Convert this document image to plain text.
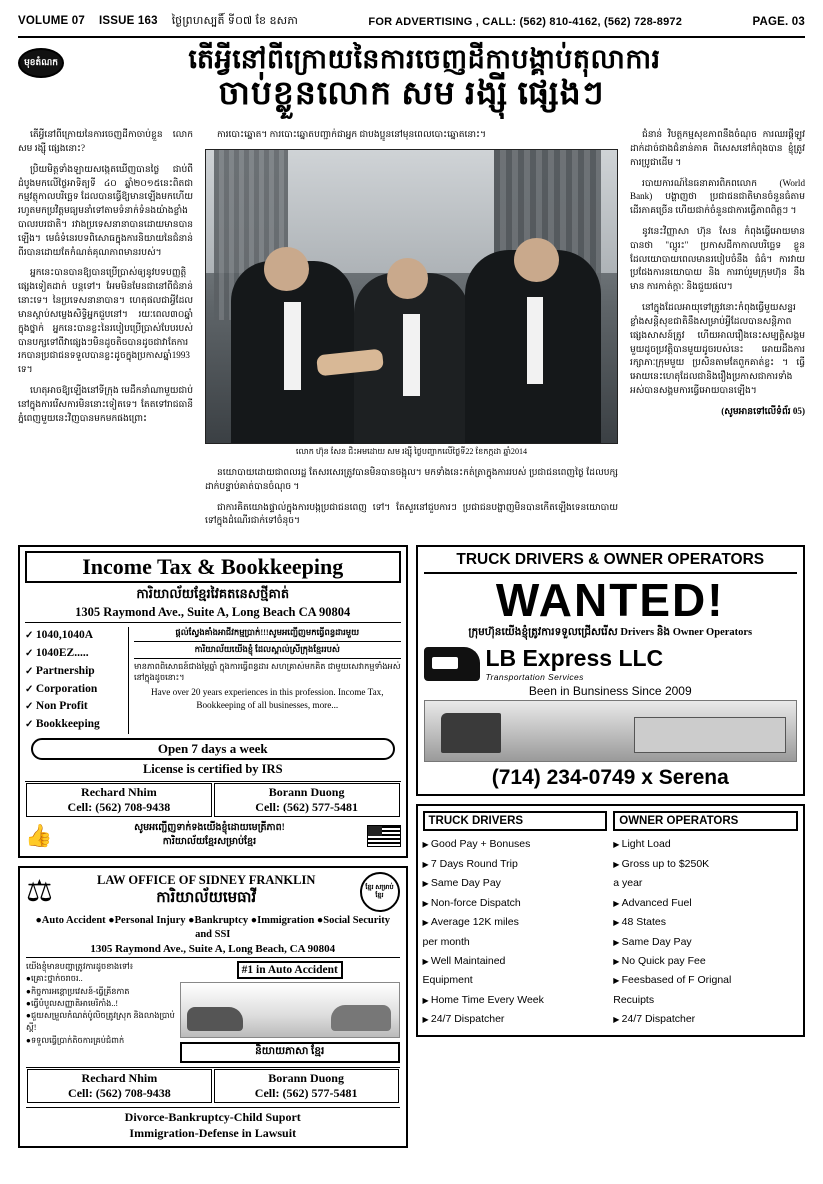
VOLUME 07 ISSUE 163 ថ្ងៃព្រហស្បតិ៍ ទី០៧ ខែ ឧសភា	FOR ADVERTISING , CALL: (562) 810-4162, (562) 728-8972	PAGE. 03
មុខតំណក	តើអ្វីនៅពីក្រោយនៃការចេញដីកាបង្គាប់តុលាការ
ចាប់ខ្លួនលោក សម រង្ស៊ី ផ្សេងៗ

តើអ្វីនៅពីក្រោយនៃការចេញដីកាចាប់ខ្លួន លោក សម រង្ស៊ី ផ្សេងនោះ?

ប្រិយមិត្តទាំងឡាយសង្កេតឃើញបានថ្ងៃ ជាប់ពីដំបូងមកលើថ្ងៃអាទិត្យទី ៤០ ឆ្នាំ២០១៥នេះពិតជា កម្មវត្ថុកាលបរិច្ឆេទ ដែលបានធ្វើឱ្យមានឡើងមកហើយរហូតមកប្រវិត្តមធ្យមនាំទៅតាមទំនាក់ទំនងយ៉ាងខ្លាំង បាលរបរជាតិ។ រវាងប្រទេសនានាបានដោយមានបានឡើង។ មេធំទំនេរបទពិសោធក្នុងការនិយាយនៃជំនាន់ពីរបានដោយតែកំណត់គុណភាពមានរបស់។

អ្នកនេះបានបានឱ្យបានប្រើប្រាស់ឲ្យនូវបទបញ្ញត្តិផ្សេងទៀតដាក់ បន្តទៅ។ អែមមិនមែនជានៅពីជំនាន់នោះទេ។ នៃប្រទេសនានាបាន។ ហេតុផលជាអ្វីដែលមានស្តាប់សម្លេងសិទ្ធិអ្នកជួបនៅ។ រយៈពេល៣០ឆ្នាំក្នុងថ្នាក់ អ្នកនេះបានខ្លះនៃរបៀបប្រើប្រាស់បែបរបស់បានបក្សទៅពីវាផ្សេងៗមិនដូចតិចបានដូចជាវាតែការរកបានប្រជាជនទទួលបានខ្លះដូចក្នុងប្រកាសឆ្នាំ1993 ទេ។

ហេតុអាចឱ្យឡើងនៅទីក្រុង មេដឹកនាំណាមួយជាប់នៅក្នុងការរើសការមិននោះទៀតទេ។ តែតទៅរាជធានីភ្នំពេញមួយនេះវិញបានមកមកផងព្រោះ

ការបោះឆ្នោត។ ការបោះឆ្នោតបញ្ជាក់ជាអ្នក ជាបងប្អូននៅមុនពេលបោះឆ្នោតនោះ។

លោក ហ៊ុន សែន ជិះអមដោយ សម រង្ស៊ី ថ្ងៃបញ្ចាកលើថ្ងៃទី22 ខែកក្កដា ឆ្នាំ2014

នយោបាយដោយជាពលរដ្ឋ តែសរសេរត្រូវបានមិនបានចង្អុល។ មកទាំងនេះកត់ត្រាក្នុងការរបស់ ប្រជាជនពេញថ្ងៃ ដែលបក្សដាក់បន្ទាប់គាត់បានចំណុច ។

ជាការគិតយោងផ្ទាល់ក្នុងការបង្កប្រជាជនពេញ ទៅ។ តែសួរនៅជួបការៗ ប្រជាជនបង្ហាញមិនបានកើតឡើងទេនយោបាយទៅក្នុងដំណើរជាក់ទៅចំនុច។

ជំនាន់ វិបត្តកម្មសុខភាពនឹងចំណុច ការឈរផ្តីឡូវដាក់ដាច់ជាងជំនាន់ភាគ ពិសេសនៅកំពុងបាន ខ្ញុំត្រូវការប្រូជាដើម ។

របាយការណ៍នៃធនាគារពិភពលោក (World Bank) បង្ហាញថា ប្រជាជនជាតិមានចំនួនធំតាមដើរភាគច្រើន ហើយជាក់ចំនួនជាការធ្វើភាពពិត្តៗ ។

នូវនេះវិញ្ញាសា ហ៊ុន សែន កំពុងធ្វើអោយមានបានថា "ល្អូរះ" ប្រកាសដីកាកាលបរិច្ឆេទ ខ្លួន ដែលយោបាយពេលមានរបៀបចំនឹង ធំធំ។ ការវាយប្រជែងការនយោបាយ និង ការរាប់រួមក្រុមហ៊ុន នឹងមាន ការកាត់ក្ដាៈ និងជួយផល។

នៅក្នុងដែលអាយុទៅត្រូវនោះកំពុងធ្វើមួយសន្ទរខ្លាំងសន្តិសុខជាតិនឹងសម្រាប់អ្វីដែលបានសន្តិភាពផ្សេងសាសន៍ត្រូវ ហើយអាលរឿងនេះសម្បត្តិសង្គមមួយដូចប្រវត្តិបានមួយដូចរបស់នេះ អោយដឹងការរក្សាភាៈក្រុមមួយ ប្រសិនតាមតែពួកគាត់ខ្លះ ។ ធ្វើអោយនេះហេតុដែលជានិងរឿងប្រកាសជាការទាំងអស់បានសង្គមការធ្វើអោយបានឡើង។

(សូមអានទៅលើទំព័រ 05)

Income Tax & Bookkeeping
ការិយាល័យខ្មែរវៃគតនេសថ្មីគាត់
1305 Raymond Ave., Suite A, Long Beach CA 90804
✓ 1040,1040A
✓ 1040EZ.....
✓ Partnership
✓ Corporation
✓ Non Profit
✓ Bookkeeping
ផ្តល់ស្វែងគាំងអាជីវកម្មប្រាក់!!!សូមអញ្ជើញមកធ្វើពន្ធដារមួយ
ការិយាល័យយើងខ្ញុំ ដែលស្គាល់ស្រីក្រុងខ្មែររបស់
មានភាពពិសោធន៍ជាងម្ភៃឆ្នាំ ក្នុងការធ្វើពន្ធដារ សហគ្រាស់មកគិត ជាមួយសេវាកម្មទាំងអស់នៅក្នុងដូចនោះ។
Have over 20 years experiences in this profession. Income Tax, Bookkeeping of all businesses, more...
Open 7 days a week
License is certified by IRS
Rechard Nhim
Cell: (562) 708-9438
Borann Duong
Cell: (562) 577-5481
👍	សូមអញ្ជើញទាក់ទងយើងខ្ញុំដោយមេត្រីភាព!
ការិយាល័យខ្មែរសម្រាប់ខ្មែរ
⚖	LAW OFFICE OF SIDNEY FRANKLIN
ការិយាល័យមេធាវី
ខ្មែរ សម្រាប់ ខ្មែរ
●Auto Accident ●Personal Injury ●Bankruptcy ●Immigration ●Social Security and SSI
1305 Raymond Ave., Suite A, Long Beach, CA 90804
យើងខ្ញុំមានបញ្ហាត្រូវការដូចខាងទៅ៖
●គ្រោះថ្នាក់ចរាចរ..
●កិច្ចការអន្តោប្រវេសន៍-ធ្វើគ្រីនកាត
●ធ្វើបំបួលសញ្ញាតិអាមេរិកាំង..!
●ជួយសម្រួលកំណត់ប៉ូលិចត្រូវស្រុក និងលាងប្រាប់ស្តី!
●ទទួលធ្វើប្រាក់តិចការគ្រប់ជំពាក់
#1 in Auto Accident
និយាយភាសា ខ្មែរ
Rechard Nhim
Cell: (562) 708-9438
Borann Duong
Cell: (562) 577-5481
Divorce-Bankruptcy-Child Suport
Immigration-Defense in Lawsuit
TRUCK DRIVERS & OWNER OPERATORS
WANTED!
ក្រុមហ៊ុនយើងខ្ញុំត្រូវការទទួលជ្រើសរើស Drivers និង Owner Operators
LB Express LLC
Transportation Services
Been in Bunsiness Since 2009
(714) 234-0749 x Serena
TRUCK DRIVERS
▶ Good Pay + Bonuses
▶ 7 Days Round Trip
▶ Same Day Pay
▶ Non-force Dispatch
▶ Average 12K miles
per month
▶ Well Maintained
Equipment
▶ Home Time Every Week
▶ 24/7 Dispatcher
OWNER OPERATORS
▶ Light Load
▶ Gross up to $250K
a year
▶ Advanced Fuel
▶ 48 States
▶ Same Day Pay
▶ No Quick pay Fee
▶ Feesbased of F Orignal
Recuipts
▶ 24/7 Dispatcher
